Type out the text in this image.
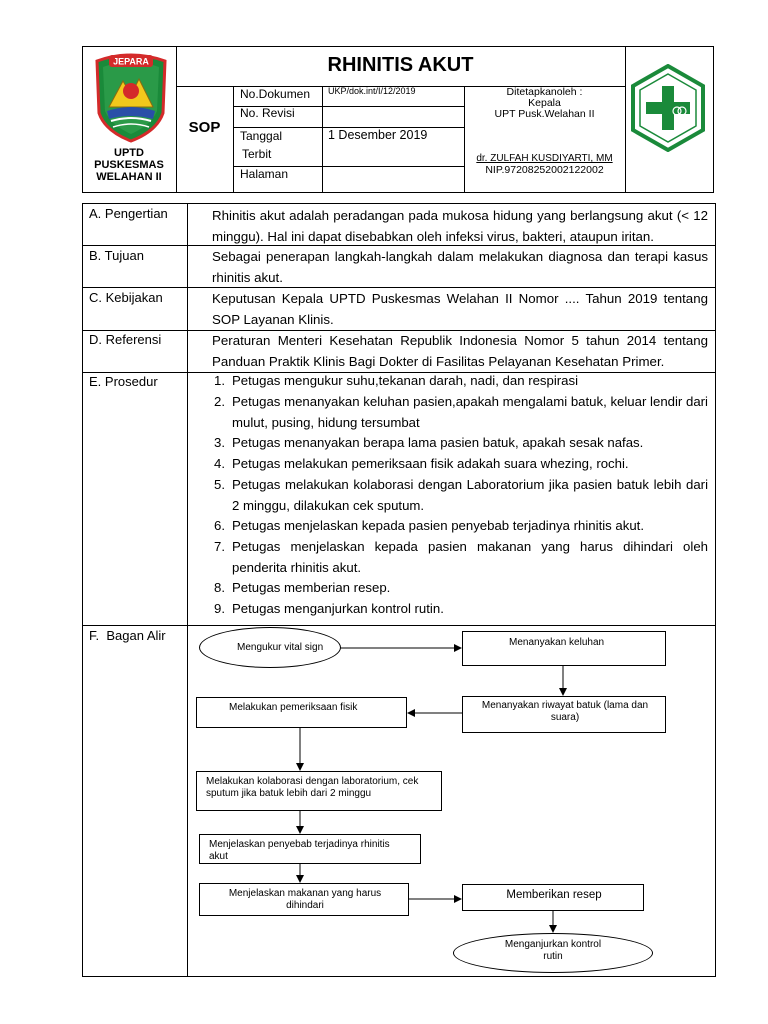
JEPARA
UPTD
PUSKESMAS
WELAHAN II
RHINITIS AKUT
SOP
No.Dokumen UKP/dok.int/I/12/2019
No. Revisi
Tanggal
Terbit
1 Desember 2019
Halaman
Ditetapkanoleh :
Kepala
UPT Pusk.Welahan II
dr. ZULFAH KUSDIYARTI, MM
NIP.97208252002122002
A. Pengertian
B. Tujuan
C. Kebijakan
D. Referensi
E. Prosedur
F.  Bagan Alir
Rhinitis akut adalah peradangan pada mukosa hidung yang berlangsung akut (< 12 minggu). Hal ini dapat disebabkan oleh infeksi virus, bakteri, ataupun iritan.
Sebagai penerapan langkah-langkah dalam melakukan diagnosa dan terapi kasus rhinitis akut.
Keputusan Kepala UPTD Puskesmas Welahan II Nomor .... Tahun 2019 tentang SOP Layanan Klinis.
Peraturan Menteri Kesehatan Republik Indonesia Nomor 5 tahun 2014 tentang Panduan Praktik Klinis Bagi Dokter di Fasilitas Pelayanan Kesehatan Primer.
1. Petugas mengukur suhu,tekanan darah, nadi, dan respirasi
2. Petugas menanyakan keluhan pasien,apakah mengalami batuk, keluar lendir dari mulut, pusing, hidung tersumbat
3. Petugas menanyakan berapa lama pasien batuk, apakah sesak nafas.
4. Petugas melakukan pemeriksaan fisik adakah suara whezing, rochi.
5. Petugas melakukan kolaborasi dengan Laboratorium jika pasien batuk lebih dari 2 minggu, dilakukan cek sputum.
6. Petugas menjelaskan kepada pasien penyebab terjadinya rhinitis akut.
7. Petugas menjelaskan kepada pasien makanan yang harus dihindari oleh penderita rhinitis akut.
8. Petugas memberian resep.
9. Petugas menganjurkan kontrol rutin.
Mengukur vital sign	Menanyakan keluhan
Menanyakan riwayat batuk (lama dan suara)
Melakukan pemeriksaan fisik
Melakukan kolaborasi dengan laboratorium, cek sputum jika batuk lebih dari 2 minggu
Menjelaskan penyebab terjadinya rhinitis akut
Menjelaskan makanan yang harus dihindari
Memberikan resep
Menganjurkan kontrol rutin
